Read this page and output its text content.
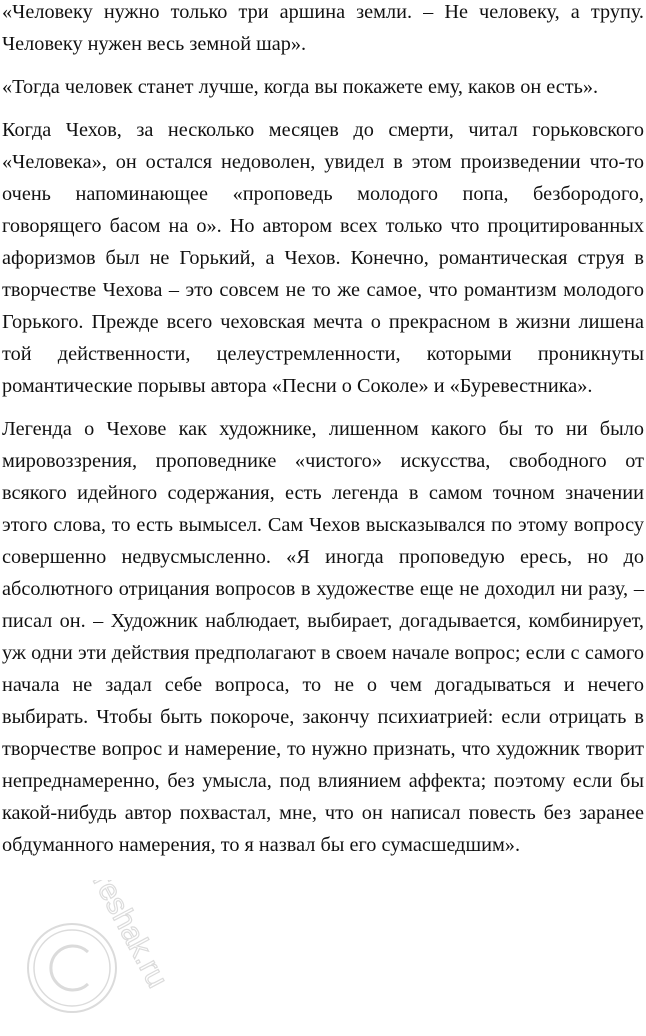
«Человеку нужно только три аршина земли. – Не человеку, а трупу. Человеку нужен весь земной шар».

«Тогда человек станет лучше, когда вы покажете ему, каков он есть».

Когда Чехов, за несколько месяцев до смерти, читал горьковского «Человека», он остался недоволен, увидел в этом произведении что-то очень напоминающее «проповедь молодого попа, безбородого, говорящего басом на о». Но автором всех только что процитированных афоризмов был не Горький, а Чехов. Конечно, романтическая струя в творчестве Чехова – это совсем не то же самое, что романтизм молодого Горького. Прежде всего чеховская мечта о прекрасном в жизни лишена той действенности, целеустремленности, которыми проникнуты романтические порывы автора «Песни о Соколе» и «Буревестника».

Легенда о Чехове как художнике, лишенном какого бы то ни было мировоззрения, проповеднике «чистого» искусства, свободного от всякого идейного содержания, есть легенда в самом точном значении этого слова, то есть вымысел. Сам Чехов высказывался по этому вопросу совершенно недвусмысленно. «Я иногда проповедую ересь, но до абсолютного отрицания вопросов в художестве еще не доходил ни разу, – писал он. – Художник наблюдает, выбирает, догадывается, комбинирует, уж одни эти действия предполагают в своем начале вопрос; если с самого начала не задал себе вопроса, то не о чем догадываться и нечего выбирать. Чтобы быть покороче, закончу психиатрией: если отрицать в творчестве вопрос и намерение, то нужно признать, что художник творит непреднамеренно, без умысла, под влиянием аффекта; поэтому если бы какой-нибудь автор похвастал, мне, что он написал повесть без заранее обдуманного намерения, то я назвал бы его сумасшедшим».

reshak.ru
